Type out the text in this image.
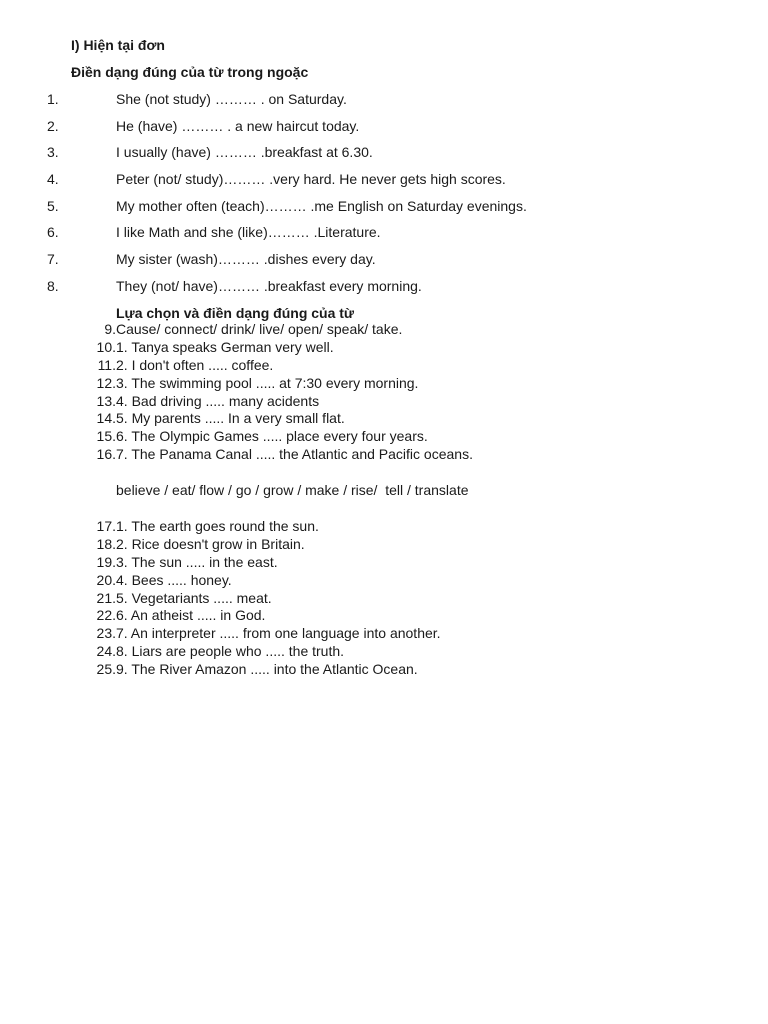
I) Hiện tại đơn
Điền dạng đúng của từ trong ngoặc
1.	She (not study) ……… . on Saturday.
2.	He (have) ……… . a new haircut today.
3.	I usually (have) ……… .breakfast at 6.30.
4.	Peter (not/ study)……… .very hard. He never gets high scores.
5.	My mother often (teach)……… .me English on Saturday evenings.
6.	I like Math and she (like)……… .Literature.
7.	My sister (wash)……… .dishes every day.
8.	They (not/ have)……… .breakfast every morning.
Lựa chọn và điền dạng đúng của từ
9. Cause/ connect/ drink/ live/ open/ speak/ take.
10. 1. Tanya speaks German very well.
11. 2. I don't often ..... coffee.
12. 3. The swimming pool ..... at 7:30 every morning.
13. 4. Bad driving ..... many acidents
14. 5. My parents ..... In a very small flat.
15. 6. The Olympic Games ..... place every four years.
16. 7. The Panama Canal ..... the Atlantic and Pacific oceans.
believe / eat/ flow / go / grow / make / rise/  tell / translate
17. 1. The earth goes round the sun.
18. 2. Rice doesn't grow in Britain.
19. 3. The sun ..... in the east.
20. 4. Bees ..... honey.
21. 5. Vegetariants ..... meat.
22. 6. An atheist ..... in God.
23. 7. An interpreter ..... from one language into another.
24. 8. Liars are people who ..... the truth.
25. 9. The River Amazon ..... into the Atlantic Ocean.
